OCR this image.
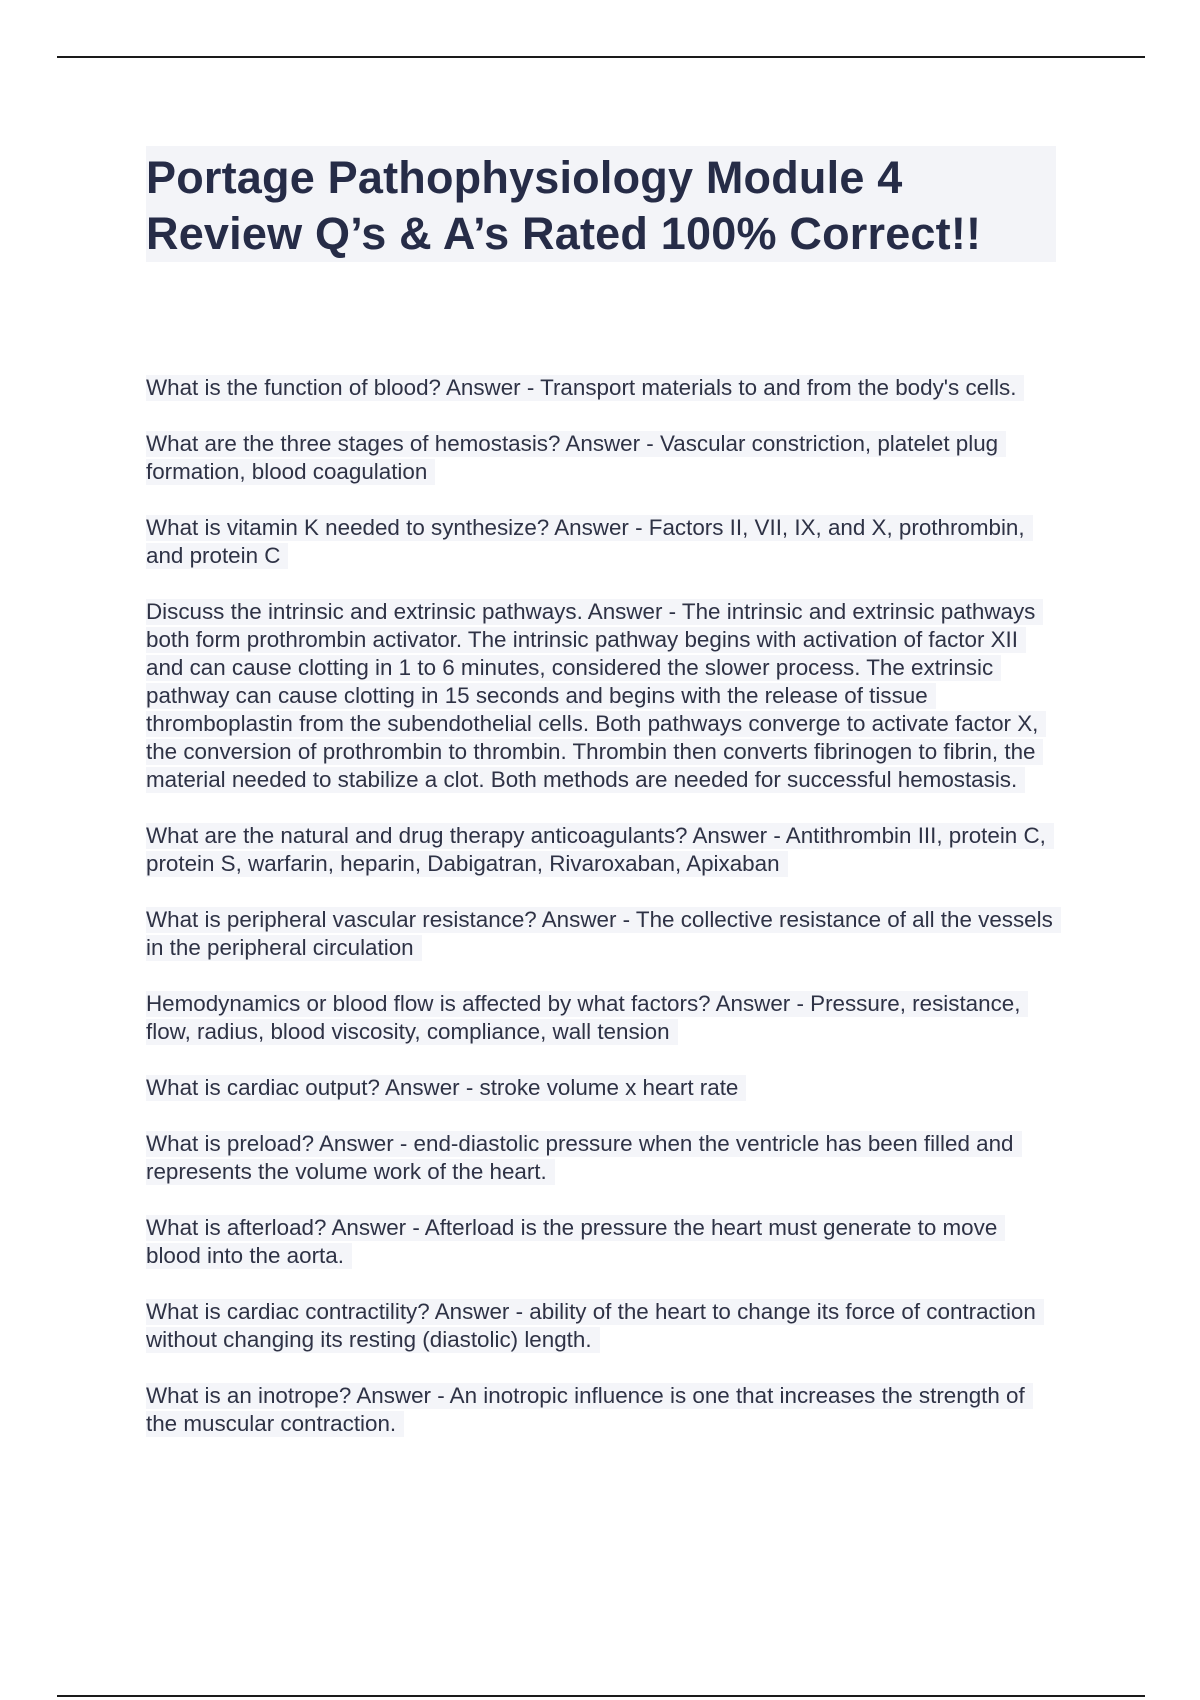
Portage Pathophysiology Module 4 Review Q’s & A’s Rated 100% Correct!!

What is the function of blood? Answer - Transport materials to and from the body's cells.

What are the three stages of hemostasis? Answer - Vascular constriction, platelet plug formation, blood coagulation

What is vitamin K needed to synthesize? Answer - Factors II, VII, IX, and X, prothrombin, and protein C

Discuss the intrinsic and extrinsic pathways. Answer - The intrinsic and extrinsic pathways both form prothrombin activator. The intrinsic pathway begins with activation of factor XII and can cause clotting in 1 to 6 minutes, considered the slower process. The extrinsic pathway can cause clotting in 15 seconds and begins with the release of tissue thromboplastin from the subendothelial cells. Both pathways converge to activate factor X, the conversion of prothrombin to thrombin. Thrombin then converts fibrinogen to fibrin, the material needed to stabilize a clot. Both methods are needed for successful hemostasis.

What are the natural and drug therapy anticoagulants? Answer - Antithrombin III, protein C, protein S, warfarin, heparin, Dabigatran, Rivaroxaban, Apixaban

What is peripheral vascular resistance? Answer - The collective resistance of all the vessels in the peripheral circulation

Hemodynamics or blood flow is affected by what factors? Answer - Pressure, resistance, flow, radius, blood viscosity, compliance, wall tension

What is cardiac output? Answer - stroke volume x heart rate

What is preload? Answer - end-diastolic pressure when the ventricle has been filled and represents the volume work of the heart.

What is afterload? Answer - Afterload is the pressure the heart must generate to move blood into the aorta.

What is cardiac contractility? Answer - ability of the heart to change its force of contraction without changing its resting (diastolic) length.

What is an inotrope? Answer - An inotropic influence is one that increases the strength of the muscular contraction.
